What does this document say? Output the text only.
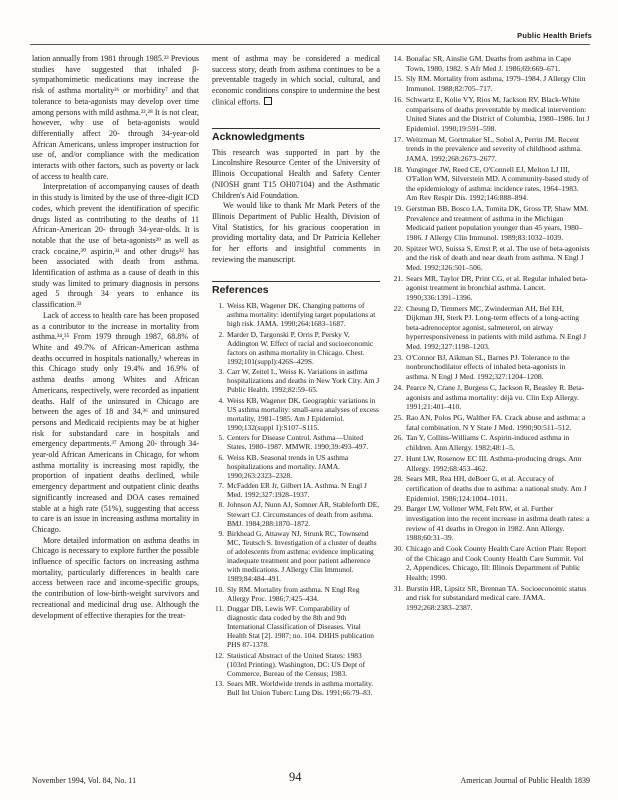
Public Health Briefs

lation annually from 1981 through 1985.²³ Previous studies have suggested that inhaled β-sympathomimetic medications may increase the risk of asthma mortality²⁶ or morbidity⁷ and that tolerance to beta-agonists may develop over time among persons with mild asthma.²²,²⁸ It is not clear, however, why use of beta-agonists would differentially affect 20- through 34-year-old African Americans, unless improper instruction for use of, and/or compliance with the medication interacts with other factors, such as poverty or lack of access to health care.

Interpretation of accompanying causes of death in this study is limited by the use of three-digit ICD codes, which prevent the identification of specific drugs listed as contributing to the deaths of 11 African-American 20- through 34-year-olds. It is notable that the use of beta-agonists²⁹ as well as crack cocaine,³⁰ aspirin,³¹ and other drugs³² has been associated with death from asthma. Identification of asthma as a cause of death in this study was limited to primary diagnosis in persons aged 5 through 34 years to enhance its classification.³³

Lack of access to health care has been proposed as a contributor to the increase in mortality from asthma.³⁴,³⁵ From 1979 through 1987, 68.8% of White and 49.7% of African-American asthma deaths occurred in hospitals nationally,³ whereas in this Chicago study only 19.4% and 16.9% of asthma deaths among Whites and African Americans, respectively, were recorded as inpatient deaths. Half of the uninsured in Chicago are between the ages of 18 and 34,³⁶ and uninsured persons and Medicaid recipients may be at higher risk for substandard care in hospitals and emergency departments.³⁷ Among 20- through 34-year-old African Americans in Chicago, for whom asthma mortality is increasing most rapidly, the proportion of inpatient deaths declined, while emergency department and outpatient clinic deaths significantly increased and DOA cases remained stable at a high rate (51%), suggesting that access to care is an issue in increasing asthma mortality in Chicago.

More detailed information on asthma deaths in Chicago is necessary to explore further the possible influence of specific factors on increasing asthma mortality, particularly differences in health care access between race and income-specific groups, the contribution of low-birth-weight survivors and recreational and medicinal drug use. Although the development of effective therapies for the treat-

ment of asthma may be considered a medical success story, death from asthma continues to be a preventable tragedy in which social, cultural, and economic conditions conspire to undermine the best clinical efforts.

Acknowledgments

This research was supported in part by the Lincolnshire Resource Center of the University of Illinois Occupational Health and Safety Center (NIOSH grant T15 OH07104) and the Asthmatic Children's Aid Foundation.

We would like to thank Mr Mark Peters of the Illinois Department of Public Health, Division of Vital Statistics, for his gracious cooperation in providing mortality data, and Dr Patricia Kelleher for her efforts and insightful comments in reviewing the manuscript.

References
1. Weiss KB, Wagener DK. Changing patterns of asthma mortality: identifying target populations at high risk. JAMA. 1990;264:1683–1687.
2. Marder D, Targonski P, Orris P, Persky V, Addington W. Effect of racial and socioeconomic factors on asthma mortality in Chicago. Chest. 1992;101(suppl):426S–429S.
3. Carr W, Zeitel L, Weiss K. Variations in asthma hospitalizations and deaths in New York City. Am J Public Health. 1992;82:59–65.
4. Weiss KB, Wagener DK. Geographic variations in US asthma mortality: small-area analyses of excess mortality, 1981–1985. Am J Epidemiol. 1990;132(suppl 1):S107–S115.
5. Centers for Disease Control. Asthma—United States, 1980–1987. MMWR. 1990;39:493–497.
6. Weiss KB. Seasonal trends in US asthma hospitalizations and mortality. JAMA. 1990;263:2323–2328.
7. McFadden ER Jr, Gilbert IA. Asthma. N Engl J Med. 1992;327:1928–1937.
8. Johnson AJ, Nunn AJ, Somner AR, Stableforth DE, Stewart CJ. Circumstances of death from asthma. BMJ. 1984;288:1870–1872.
9. Birkhead G, Attaway NJ, Strunk RC, Townsend MC, Teutsch S. Investigation of a cluster of deaths of adolescents from asthma: evidence implicating inadequate treatment and poor patient adherence with medications. J Allergy Clin Immunol. 1989;84:484–491.
10. Sly RM. Mortality from asthma. N Engl Reg Allergy Proc. 1986;7:425–434.
11. Duggar DB, Lewis WF. Comparability of diagnostic data coded by the 8th and 9th International Classification of Diseases. Vital Health Stat [2]. 1987; no. 104. DHHS publication PHS 87-1378.
12. Statistical Abstract of the United States: 1983 (103rd Printing). Washington, DC: US Dept of Commerce, Bureau of the Census; 1983.
13. Sears MR. Worldwide trends in asthma mortality. Bull Int Union Tuberc Lung Dis. 1991;66:79–83.
14. Bonafac SR, Ainslie GM. Deaths from asthma in Cape Town, 1980, 1982. S Afr Med J. 1986;69:669–671.
15. Sly RM. Mortality from asthma, 1979–1984. J Allergy Clin Immunol. 1988;82:705–717.
16. Schwartz E, Kolie VY, Rios M, Jackson RV. Black-White comparisons of deaths preventable by medical intervention: United States and the District of Columbia, 1980–1986. Int J Epidemiol. 1990;19:591–598.
17. Weitzman M, Gortmaker SL, Sobol A, Perrin JM. Recent trends in the prevalence and severity of childhood asthma. JAMA. 1992;268:2673–2677.
18. Yunginger JW, Reed CE, O'Connell EJ, Melton LJ III, O'Fallon WM, Silverstein MD. A community-based study of the epidemiology of asthma: incidence rates, 1964–1983. Am Rev Respir Dis. 1992;146:888–894.
19. Gerstman BB, Bosco LA, Tomita DK, Gross TP, Shaw MM. Prevalence and treatment of asthma in the Michigan Medicaid patient population younger than 45 years, 1980–1986. J Allergy Clin Immunol. 1989;83:1032–1039.
20. Spitzer WO, Suissa S, Ernst P, et al. The use of beta-agonists and the risk of death and near death from asthma. N Engl J Med. 1992;326:501–506.
21. Sears MR, Taylor DR, Print CG, et al. Regular inhaled beta-agonist treatment in bronchial asthma. Lancet. 1990;336:1391–1396.
22. Cheung D, Timmers MC, Zwinderman AH, Bel EH, Dijkman JH, Sterk PJ. Long-term effects of a long-acting beta-adrenoceptor agonist, salmeterol, on airway hyperresponsiveness in patients with mild asthma. N Engl J Med. 1992;327:1198–1203.
23. O'Connor BJ, Aikman SL, Barnes PJ. Tolerance to the nonbronchodilator effects of inhaled beta-agonists in asthma. N Engl J Med. 1992;327:1204–1208.
24. Pearce N, Crane J, Burgess C, Jackson R, Beasley R. Beta-agonists and asthma mortality: déjà vu. Clin Exp Allergy. 1991;21:401–410.
25. Rao AN, Polos PG, Walther FA. Crack abuse and asthma: a fatal combination. N Y State J Med. 1990;90:511–512.
26. Tan Y, Collins-Williams C. Aspirin-induced asthma in children. Ann Allergy. 1982;48:1–5.
27. Hunt LW, Rosenow EC III. Asthma-producing drugs. Ann Allergy. 1992;68:453–462.
28. Sears MR, Rea HH, deBoer G, et al. Accuracy of certification of deaths due to asthma: a national study. Am J Epidemiol. 1986;124:1004–1011.
29. Barger LW, Vollmer WM, Felt RW, et al. Further investigation into the recent increase in asthma death rates: a review of 41 deaths in Oregon in 1982. Ann Allergy. 1988;60:31–39.
30. Chicago and Cook County Health Care Action Plan: Report of the Chicago and Cook County Health Care Summit. Vol 2, Appendices. Chicago, Ill: Illinois Department of Public Health; 1990.
31. Burstin HR, Lipsitz SR, Brennan TA. Socioeconomic status and risk for substandard medical care. JAMA. 1992;268:2383–2387.
November 1994, Vol. 84, No. 11	94	American Journal of Public Health 1839
